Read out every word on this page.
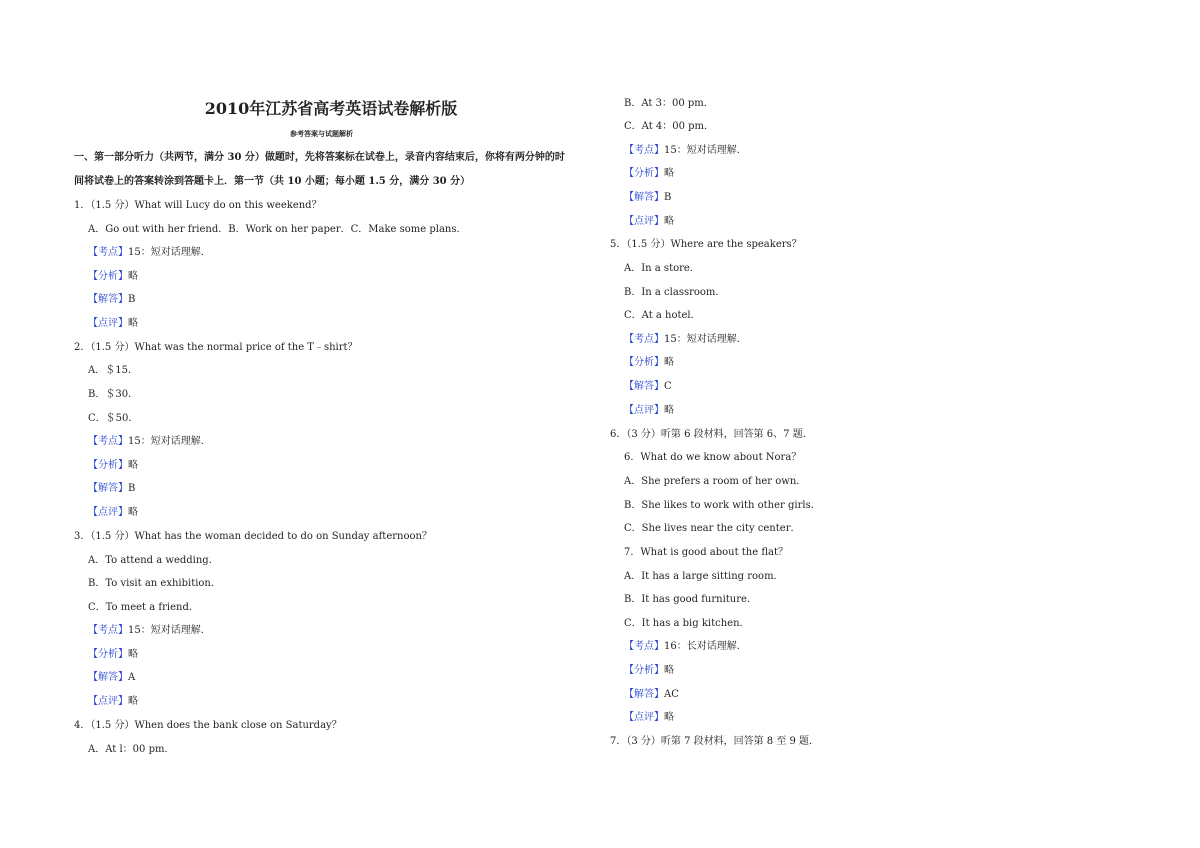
2010年江苏省高考英语试卷解析版
参考答案与试题解析
一、第一部分听力（共两节，满分 30 分）做题时，先将答案标在试卷上，录音内容结束后，你将有两分钟的时
间将试卷上的答案转涂到答题卡上．第一节（共 10 小题；每小题 1.5 分，满分 30 分）
1．（1.5 分）What will Lucy do on this weekend？
A．Go out with her friend．B．Work on her paper．C．Make some plans．
【考点】15：短对话理解．
【分析】略
【解答】B
【点评】略
2．（1.5 分）What was the normal price of the T﹣shirt？
A．＄15．
B．＄30．
C．＄50．
【考点】15：短对话理解．
【分析】略
【解答】B
【点评】略
3．（1.5 分）What has the woman decided to do on Sunday afternoon？
A．To attend a wedding．
B．To visit an exhibition．
C．To meet a friend．
【考点】15：短对话理解．
【分析】略
【解答】A
【点评】略
4．（1.5 分）When does the bank close on Saturday？
A．At l：00 pm．
B．At 3：00 pm．
C．At 4：00 pm．
【考点】15：短对话理解．
【分析】略
【解答】B
【点评】略
5．（1.5 分）Where are the speakers？
A．In a store．
B．In a classroom．
C．At a hotel．
【考点】15：短对话理解．
【分析】略
【解答】C
【点评】略
6．（3 分）听第 6 段材料，回答第 6、7 题．
6．What do we know about Nora？
A．She prefers a room of her own．
B．She likes to work with other girls．
C．She lives near the city center．
7．What is good about the flat？
A．It has a large sitting room．
B．It has good furniture．
C．It has a big kitchen．
【考点】16：长对话理解．
【分析】略
【解答】AC
【点评】略
7．（3 分）听第 7 段材料，回答第 8 至 9 题．
